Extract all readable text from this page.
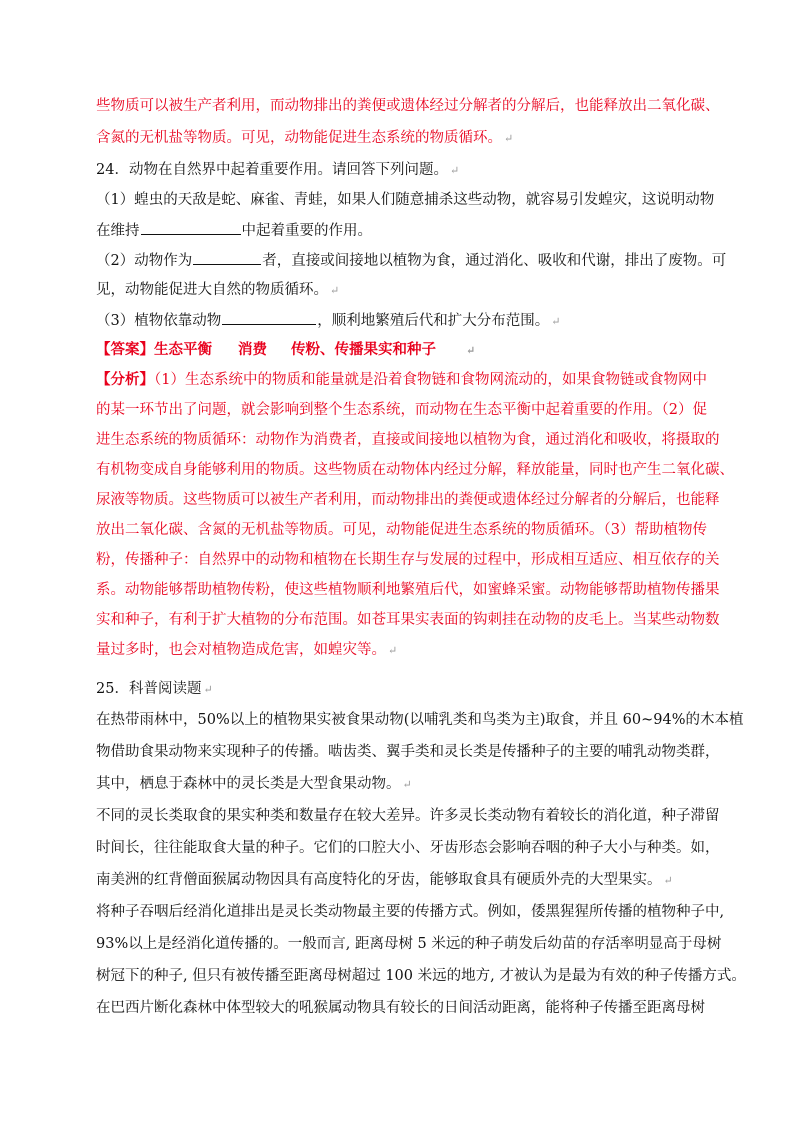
些物质可以被生产者利用，而动物排出的粪便或遗体经过分解者的分解后，也能释放出二氧化碳、
含氮的无机盐等物质。可见，动物能促进生态系统的物质循环。 ↵
24．动物在自然界中起着重要作用。请回答下列问题。 ↵
（1）蝗虫的天敌是蛇、麻雀、青蛙，如果人们随意捕杀这些动物，就容易引发蝗灾，这说明动物
在维持	中起着重要的作用。
（2）动物作为	者，直接或间接地以植物为食，通过消化、吸收和代谢，排出了废物。可
见，动物能促进大自然的物质循环。 ↵
（3）植物依靠动物	，顺利地繁殖后代和扩大分布范围。 ↵
【答案】生态平衡 消费 传粉、传播果实和种子	↵
【分析】（1）生态系统中的物质和能量就是沿着食物链和食物网流动的，如果食物链或食物网中
的某一环节出了问题，就会影响到整个生态系统，而动物在生态平衡中起着重要的作用。（2）促
进生态系统的物质循环：动物作为消费者，直接或间接地以植物为食，通过消化和吸收，将摄取的
有机物变成自身能够利用的物质。这些物质在动物体内经过分解，释放能量，同时也产生二氧化碳、
尿液等物质。这些物质可以被生产者利用，而动物排出的粪便或遗体经过分解者的分解后，也能释
放出二氧化碳、含氮的无机盐等物质。可见，动物能促进生态系统的物质循环。（3）帮助植物传
粉，传播种子：自然界中的动物和植物在长期生存与发展的过程中，形成相互适应、相互依存的关
系。动物能够帮助植物传粉，使这些植物顺利地繁殖后代，如蜜蜂采蜜。动物能够帮助植物传播果
实和种子，有利于扩大植物的分布范围。如苍耳果实表面的钩刺挂在动物的皮毛上。当某些动物数
量过多时，也会对植物造成危害，如蝗灾等。 ↵
25．科普阅读题 ↵
在热带雨林中，50%以上的植物果实被食果动物(以哺乳类和鸟类为主)取食，并且 60~94%的木本植
物借助食果动物来实现种子的传播。啮齿类、翼手类和灵长类是传播种子的主要的哺乳动物类群，
其中，栖息于森林中的灵长类是大型食果动物。 ↵
不同的灵长类取食的果实种类和数量存在较大差异。许多灵长类动物有着较长的消化道，种子滞留
时间长，往往能取食大量的种子。它们的口腔大小、牙齿形态会影响吞咽的种子大小与种类。如，
南美洲的红背僧面猴属动物因具有高度特化的牙齿，能够取食具有硬质外壳的大型果实。 ↵
将种子吞咽后经消化道排出是灵长类动物最主要的传播方式。例如，倭黑猩猩所传播的植物种子中,
93%以上是经消化道传播的。一般而言, 距离母树 5 米远的种子萌发后幼苗的存活率明显高于母树
树冠下的种子, 但只有被传播至距离母树超过 100 米远的地方, 才被认为是最为有效的种子传播方式。
在巴西片断化森林中体型较大的吼猴属动物具有较长的日间活动距离，能将种子传播至距离母树
